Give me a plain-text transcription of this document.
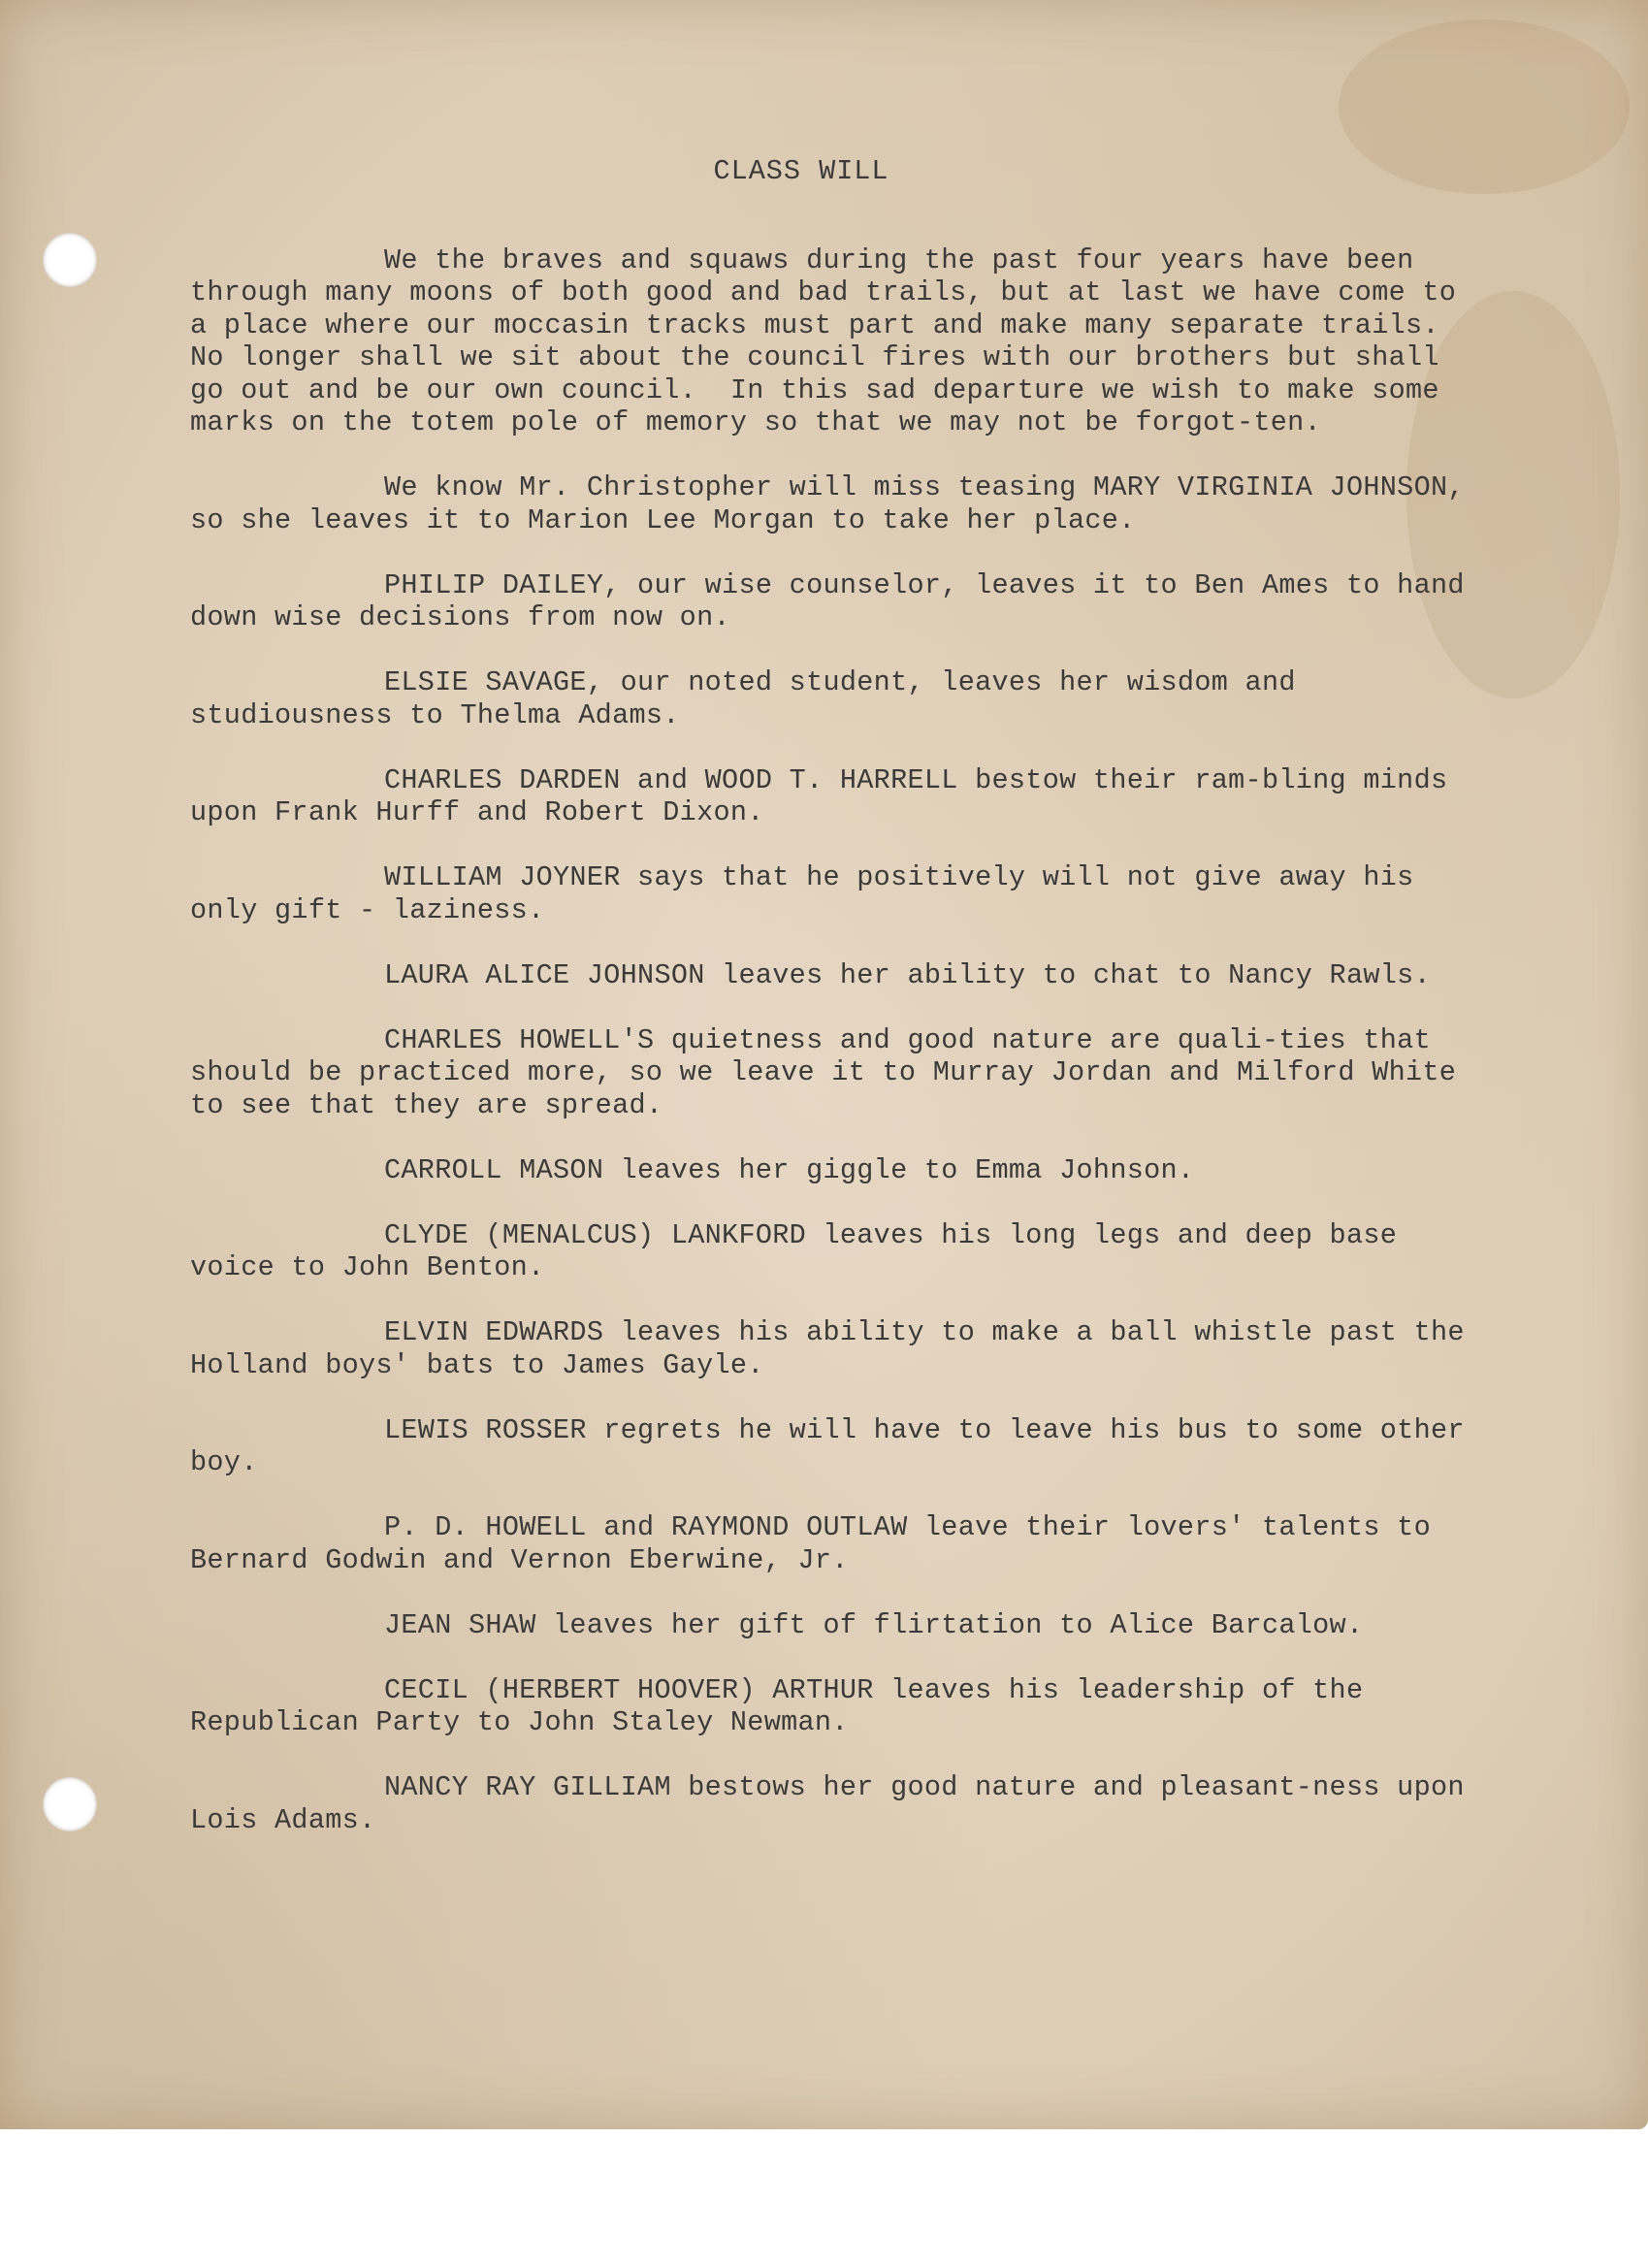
CLASS WILL

We the braves and squaws during the past four years have been through many moons of both good and bad trails, but at last we have come to a place where our moccasin tracks must part and make many separate trails.  No longer shall we sit about the council fires with our brothers but shall go out and be our own council.  In this sad departure we wish to make some marks on the totem pole of memory so that we may not be forgot-ten.

We know Mr. Christopher will miss teasing MARY VIRGINIA JOHNSON, so she leaves it to Marion Lee Morgan to take her place.

PHILIP DAILEY, our wise counselor, leaves it to Ben Ames to hand down wise decisions from now on.

ELSIE SAVAGE, our noted student, leaves her wisdom and studiousness to Thelma Adams.

CHARLES DARDEN and WOOD T. HARRELL bestow their ram-bling minds upon Frank Hurff and Robert Dixon.

WILLIAM JOYNER says that he positively will not give away his only gift - laziness.

LAURA ALICE JOHNSON leaves her ability to chat to Nancy Rawls.

CHARLES HOWELL'S quietness and good nature are quali-ties that should be practiced more, so we leave it to Murray Jordan and Milford White to see that they are spread.

CARROLL MASON leaves her giggle to Emma Johnson.

CLYDE (MENALCUS) LANKFORD leaves his long legs and deep base voice to John Benton.

ELVIN EDWARDS leaves his ability to make a ball whistle past the Holland boys' bats to James Gayle.

LEWIS ROSSER regrets he will have to leave his bus to some other boy.

P. D. HOWELL and RAYMOND OUTLAW leave their lovers' talents to Bernard Godwin and Vernon Eberwine, Jr.

JEAN SHAW leaves her gift of flirtation to Alice Barcalow.

CECIL (HERBERT HOOVER) ARTHUR leaves his leadership of the Republican Party to John Staley Newman.

NANCY RAY GILLIAM bestows her good nature and pleasant-ness upon Lois Adams.
